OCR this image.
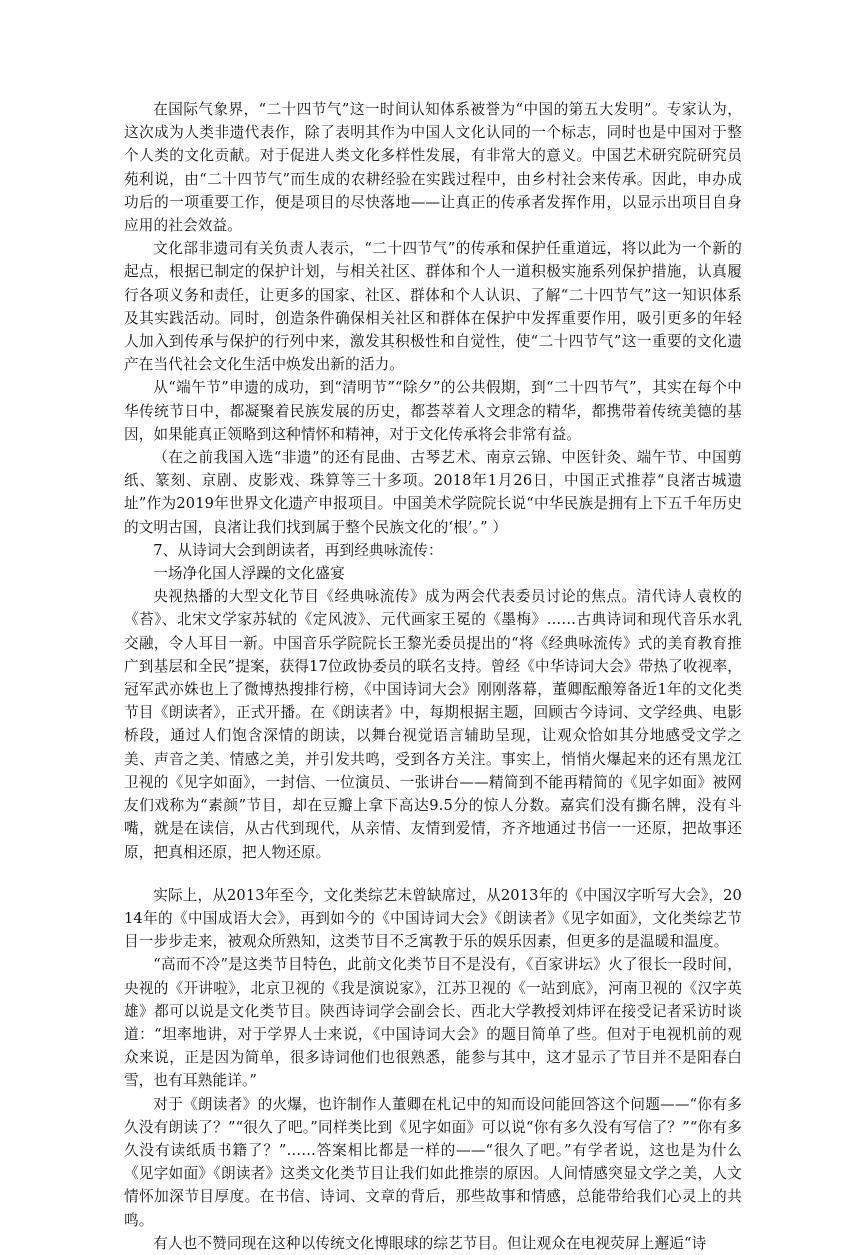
在国际气象界，“二十四节气”这一时间认知体系被誉为“中国的第五大发明”。专家认为，这次成为人类非遗代表作，除了表明其作为中国人文化认同的一个标志，同时也是中国对于整个人类的文化贡献。对于促进人类文化多样性发展，有非常大的意义。中国艺术研究院研究员苑利说，由“二十四节气”而生成的农耕经验在实践过程中，由乡村社会来传承。因此，申办成功后的一项重要工作，便是项目的尽快落地——让真正的传承者发挥作用，以显示出项目自身应用的社会效益。

文化部非遗司有关负责人表示，“二十四节气”的传承和保护任重道远，将以此为一个新的起点，根据已制定的保护计划，与相关社区、群体和个人一道积极实施系列保护措施，认真履行各项义务和责任，让更多的国家、社区、群体和个人认识、了解“二十四节气”这一知识体系及其实践活动。同时，创造条件确保相关社区和群体在保护中发挥重要作用，吸引更多的年轻人加入到传承与保护的行列中来，激发其积极性和自觉性，使“二十四节气”这一重要的文化遗产在当代社会文化生活中焕发出新的活力。

从“端午节”申遗的成功，到“清明节”“除夕”的公共假期，到“二十四节气”，其实在每个中华传统节日中，都凝聚着民族发展的历史，都荟萃着人文理念的精华，都携带着传统美德的基因，如果能真正领略到这种情怀和精神，对于文化传承将会非常有益。

（在之前我国入选“非遗”的还有昆曲、古琴艺术、南京云锦、中医针灸、端午节、中国剪纸、篆刻、京剧、皮影戏、珠算等三十多项。2018年1月26日，中国正式推荐“良渚古城遗址”作为2019年世界文化遗产申报项目。中国美术学院院长说“中华民族是拥有上下五千年历史的文明古国，良渚让我们找到属于整个民族文化的‘根’。” ）

7、从诗词大会到朗读者，再到经典咏流传：

一场净化国人浮躁的文化盛宴

央视热播的大型文化节目《经典咏流传》成为两会代表委员讨论的焦点。清代诗人袁枚的《苔》、北宋文学家苏轼的《定风波》、元代画家王冕的《墨梅》……古典诗词和现代音乐水乳交融，令人耳目一新。中国音乐学院院长王黎光委员提出的“将《经典咏流传》式的美育教育推广到基层和全民”提案，获得17位政协委员的联名支持。曾经《中华诗词大会》带热了收视率，冠军武亦姝也上了微博热搜排行榜，《中国诗词大会》刚刚落幕，董卿酝酿筹备近1年的文化类节目《朗读者》，正式开播。在《朗读者》中，每期根据主题，回顾古今诗词、文学经典、电影桥段，通过人们饱含深情的朗读，以舞台视觉语言辅助呈现，让观众恰如其分地感受文学之美、声音之美、情感之美，并引发共鸣，受到各方关注。事实上，悄悄火爆起来的还有黑龙江卫视的《见字如面》，一封信、一位演员、一张讲台——精简到不能再精简的《见字如面》被网友们戏称为“素颜”节目，却在豆瓣上拿下高达9.5分的惊人分数。嘉宾们没有撕名牌，没有斗嘴，就是在读信，从古代到现代，从亲情、友情到爱情，齐齐地通过书信一一还原，把故事还原，把真相还原，把人物还原。

实际上，从2013年至今，文化类综艺未曾缺席过，从2013年的《中国汉字听写大会》，2014年的《中国成语大会》，再到如今的《中国诗词大会》《朗读者》《见字如面》，文化类综艺节目一步步走来，被观众所熟知，这类节目不乏寓教于乐的娱乐因素，但更多的是温暖和温度。

“高而不冷”是这类节目特色，此前文化类节目不是没有，《百家讲坛》火了很长一段时间，央视的《开讲啦》，北京卫视的《我是演说家》，江苏卫视的《一站到底》，河南卫视的《汉字英雄》都可以说是文化类节目。陕西诗词学会副会长、西北大学教授刘炜评在接受记者采访时谈道：“坦率地讲，对于学界人士来说，《中国诗词大会》的题目简单了些。但对于电视机前的观众来说，正是因为简单，很多诗词他们也很熟悉，能参与其中，这才显示了节目并不是阳春白雪，也有耳熟能详。”

对于《朗读者》的火爆，也许制作人董卿在札记中的知而设问能回答这个问题——“你有多久没有朗读了？”“很久了吧。”同样类比到《见字如面》可以说“你有多久没有写信了？”“你有多久没有读纸质书籍了？”……答案相比都是一样的——“很久了吧。”有学者说，这也是为什么《见字如面》《朗读者》这类文化类节目让我们如此推崇的原因。人间情感突显文学之美，人文情怀加深节目厚度。在书信、诗词、文章的背后，那些故事和情感，总能带给我们心灵上的共鸣。

有人也不赞同现在这种以传统文化博眼球的综艺节目。但让观众在电视荧屏上邂逅“诗
